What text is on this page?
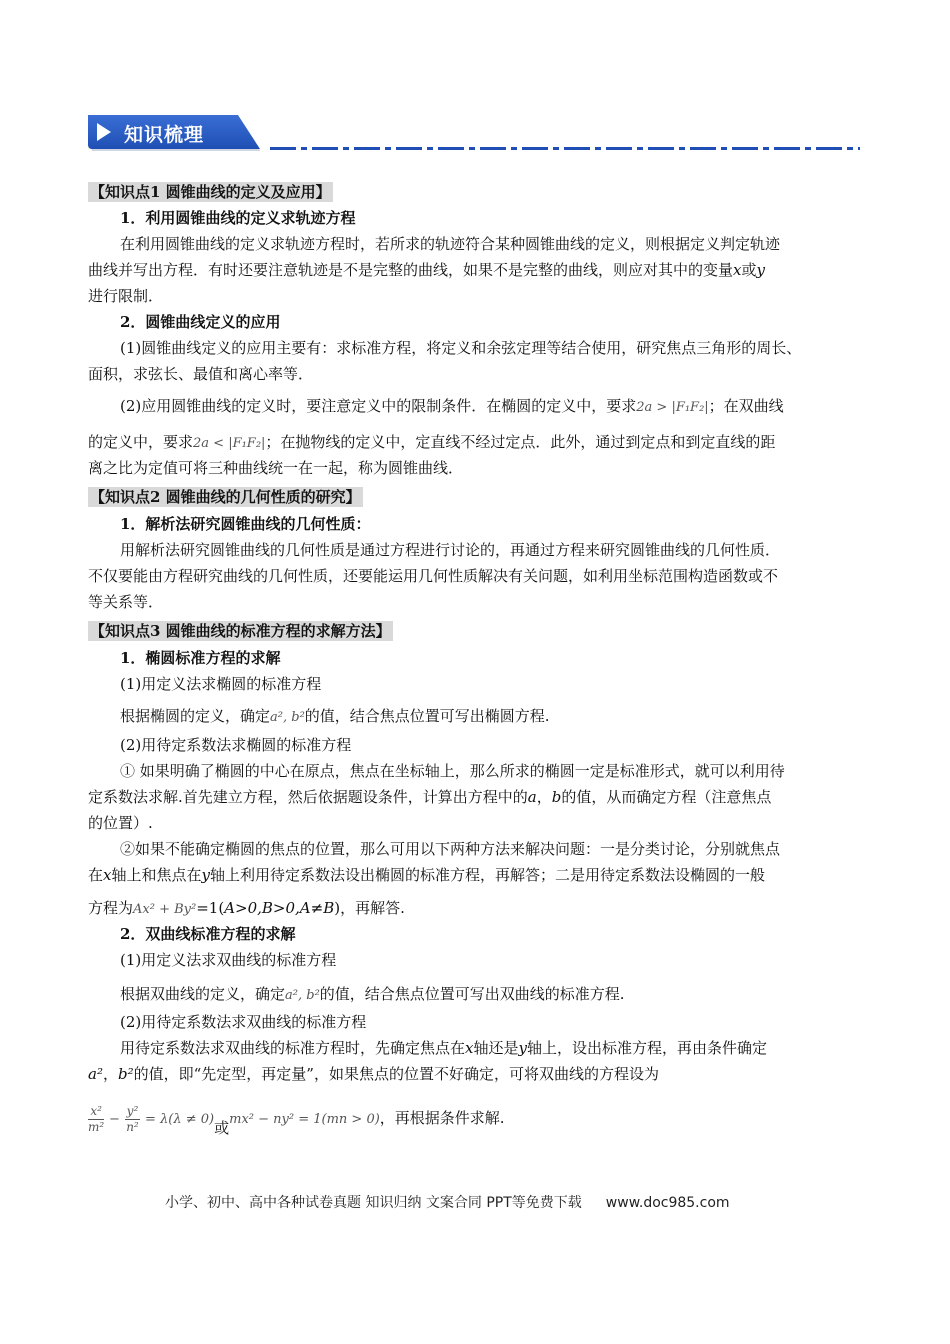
知识梳理
【知识点1 圆锥曲线的定义及应用】
1．利用圆锥曲线的定义求轨迹方程
在利用圆锥曲线的定义求轨迹方程时，若所求的轨迹符合某种圆锥曲线的定义，则根据定义判定轨迹
曲线并写出方程．有时还要注意轨迹是不是完整的曲线，如果不是完整的曲线，则应对其中的变量x或y
进行限制．
2．圆锥曲线定义的应用
(1)圆锥曲线定义的应用主要有：求标准方程，将定义和余弦定理等结合使用，研究焦点三角形的周长、
面积，求弦长、最值和离心率等．
(2)应用圆锥曲线的定义时，要注意定义中的限制条件．在椭圆的定义中，要求2a > |F₁F₂|；在双曲线
的定义中，要求2a < |F₁F₂|；在抛物线的定义中，定直线不经过定点．此外，通过到定点和到定直线的距
离之比为定值可将三种曲线统一在一起，称为圆锥曲线．
【知识点2 圆锥曲线的几何性质的研究】
1．解析法研究圆锥曲线的几何性质：
用解析法研究圆锥曲线的几何性质是通过方程进行讨论的，再通过方程来研究圆锥曲线的几何性质．
不仅要能由方程研究曲线的几何性质，还要能运用几何性质解决有关问题，如利用坐标范围构造函数或不
等关系等．
【知识点3 圆锥曲线的标准方程的求解方法】
1．椭圆标准方程的求解
(1)用定义法求椭圆的标准方程
根据椭圆的定义，确定a², b²的值，结合焦点位置可写出椭圆方程.
(2)用待定系数法求椭圆的标准方程
① 如果明确了椭圆的中心在原点，焦点在坐标轴上，那么所求的椭圆一定是标准形式，就可以利用待
定系数法求解.首先建立方程，然后依据题设条件，计算出方程中的a，b的值，从而确定方程（注意焦点
的位置）.
②如果不能确定椭圆的焦点的位置，那么可用以下两种方法来解决问题：一是分类讨论，分别就焦点
在x轴上和焦点在y轴上利用待定系数法设出椭圆的标准方程，再解答；二是用待定系数法设椭圆的一般
方程为Ax² + By²=1(A>0,B>0,A≠B)，再解答.
2．双曲线标准方程的求解
(1)用定义法求双曲线的标准方程
根据双曲线的定义，确定a², b²的值，结合焦点位置可写出双曲线的标准方程.
(2)用待定系数法求双曲线的标准方程
用待定系数法求双曲线的标准方程时，先确定焦点在x轴还是y轴上，设出标准方程，再由条件确定
a²，b²的值，即“先定型，再定量”，如果焦点的位置不好确定，可将双曲线的方程设为
$\frac{\text{x²}}{\text{m²}} - \frac{\text{y²}}{\text{n²}} = \lambda(\lambda \ne 0)$或mx² − ny² = 1(mn > 0)，再根据条件求解.
小学、初中、高中各种试卷真题 知识归纳 文案合同 PPT等免费下载 www.doc985.com
